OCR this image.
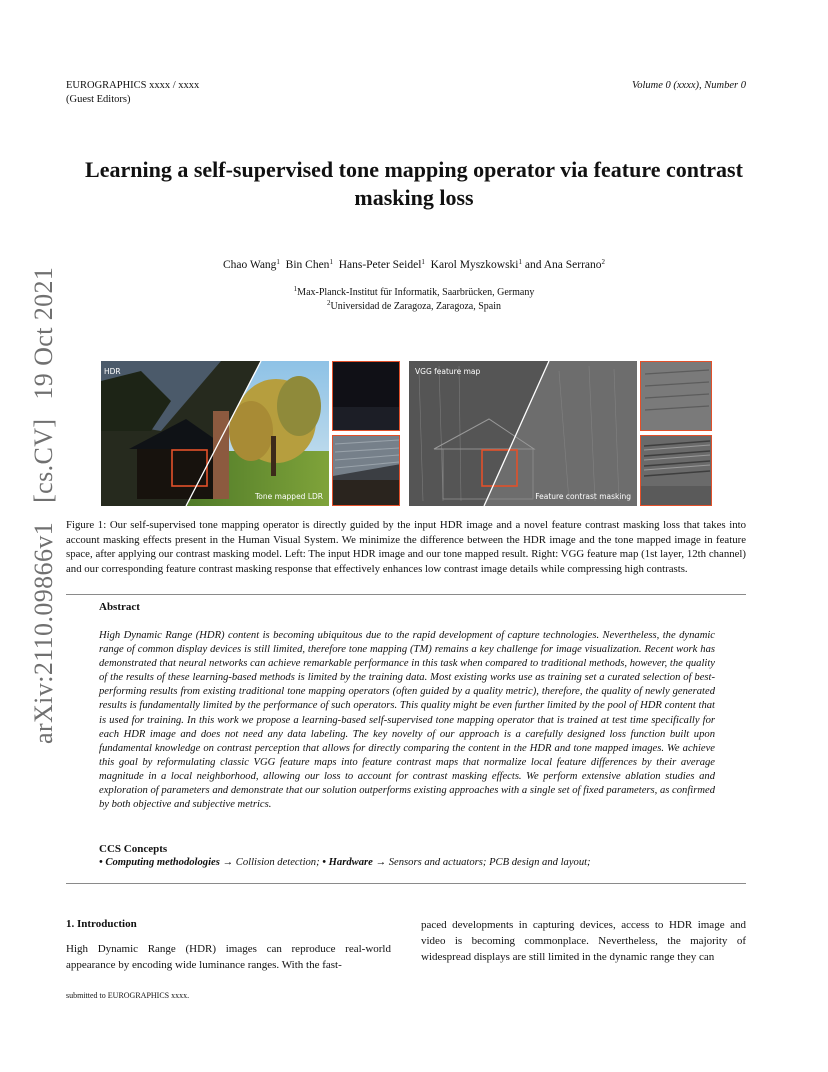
EUROGRAPHICS xxxx / xxxx
(Guest Editors)
Volume 0 (xxxx), Number 0
arXiv:2110.09866v1 [cs.CV] 19 Oct 2021
Learning a self-supervised tone mapping operator via feature contrast masking loss
Chao Wang$^1$ Bin Chen$^1$ Hans-Peter Seidel$^1$ Karol Myszkowski$^1$ and Ana Serrano$^2$
$^1$Max-Planck-Institut für Informatik, Saarbrücken, Germany
$^2$Universidad de Zaragoza, Zaragoza, Spain
HDR
Tone mapped LDR
VGG feature map
Feature contrast masking
Figure 1: Our self-supervised tone mapping operator is directly guided by the input HDR image and a novel feature contrast masking loss that takes into account masking effects present in the Human Visual System. We minimize the difference between the HDR image and the tone mapped image in feature space, after applying our contrast masking model. Left: The input HDR image and our tone mapped result. Right: VGG feature map (1st layer, 12th channel) and our corresponding feature contrast masking response that effectively enhances low contrast image details while compressing high contrasts.
Abstract
High Dynamic Range (HDR) content is becoming ubiquitous due to the rapid development of capture technologies. Nevertheless, the dynamic range of common display devices is still limited, therefore tone mapping (TM) remains a key challenge for image visualization. Recent work has demonstrated that neural networks can achieve remarkable performance in this task when compared to traditional methods, however, the quality of the results of these learning-based methods is limited by the training data. Most existing works use as training set a curated selection of best-performing results from existing traditional tone mapping operators (often guided by a quality metric), therefore, the quality of newly generated results is fundamentally limited by the performance of such operators. This quality might be even further limited by the pool of HDR content that is used for training. In this work we propose a learning-based self-supervised tone mapping operator that is trained at test time specifically for each HDR image and does not need any data labeling. The key novelty of our approach is a carefully designed loss function built upon fundamental knowledge on contrast perception that allows for directly comparing the content in the HDR and tone mapped images. We achieve this goal by reformulating classic VGG feature maps into feature contrast maps that normalize local feature differences by their average magnitude in a local neighborhood, allowing our loss to account for contrast masking effects. We perform extensive ablation studies and exploration of parameters and demonstrate that our solution outperforms existing approaches with a single set of fixed parameters, as confirmed by both objective and subjective metrics.
CCS Concepts
• Computing methodologies → Collision detection; • Hardware → Sensors and actuators; PCB design and layout;
1. Introduction
High Dynamic Range (HDR) images can reproduce real-world appearance by encoding wide luminance ranges. With the fast-
paced developments in capturing devices, access to HDR image and video is becoming commonplace. Nevertheless, the majority of widespread displays are still limited in the dynamic range they can
submitted to EUROGRAPHICS xxxx.
